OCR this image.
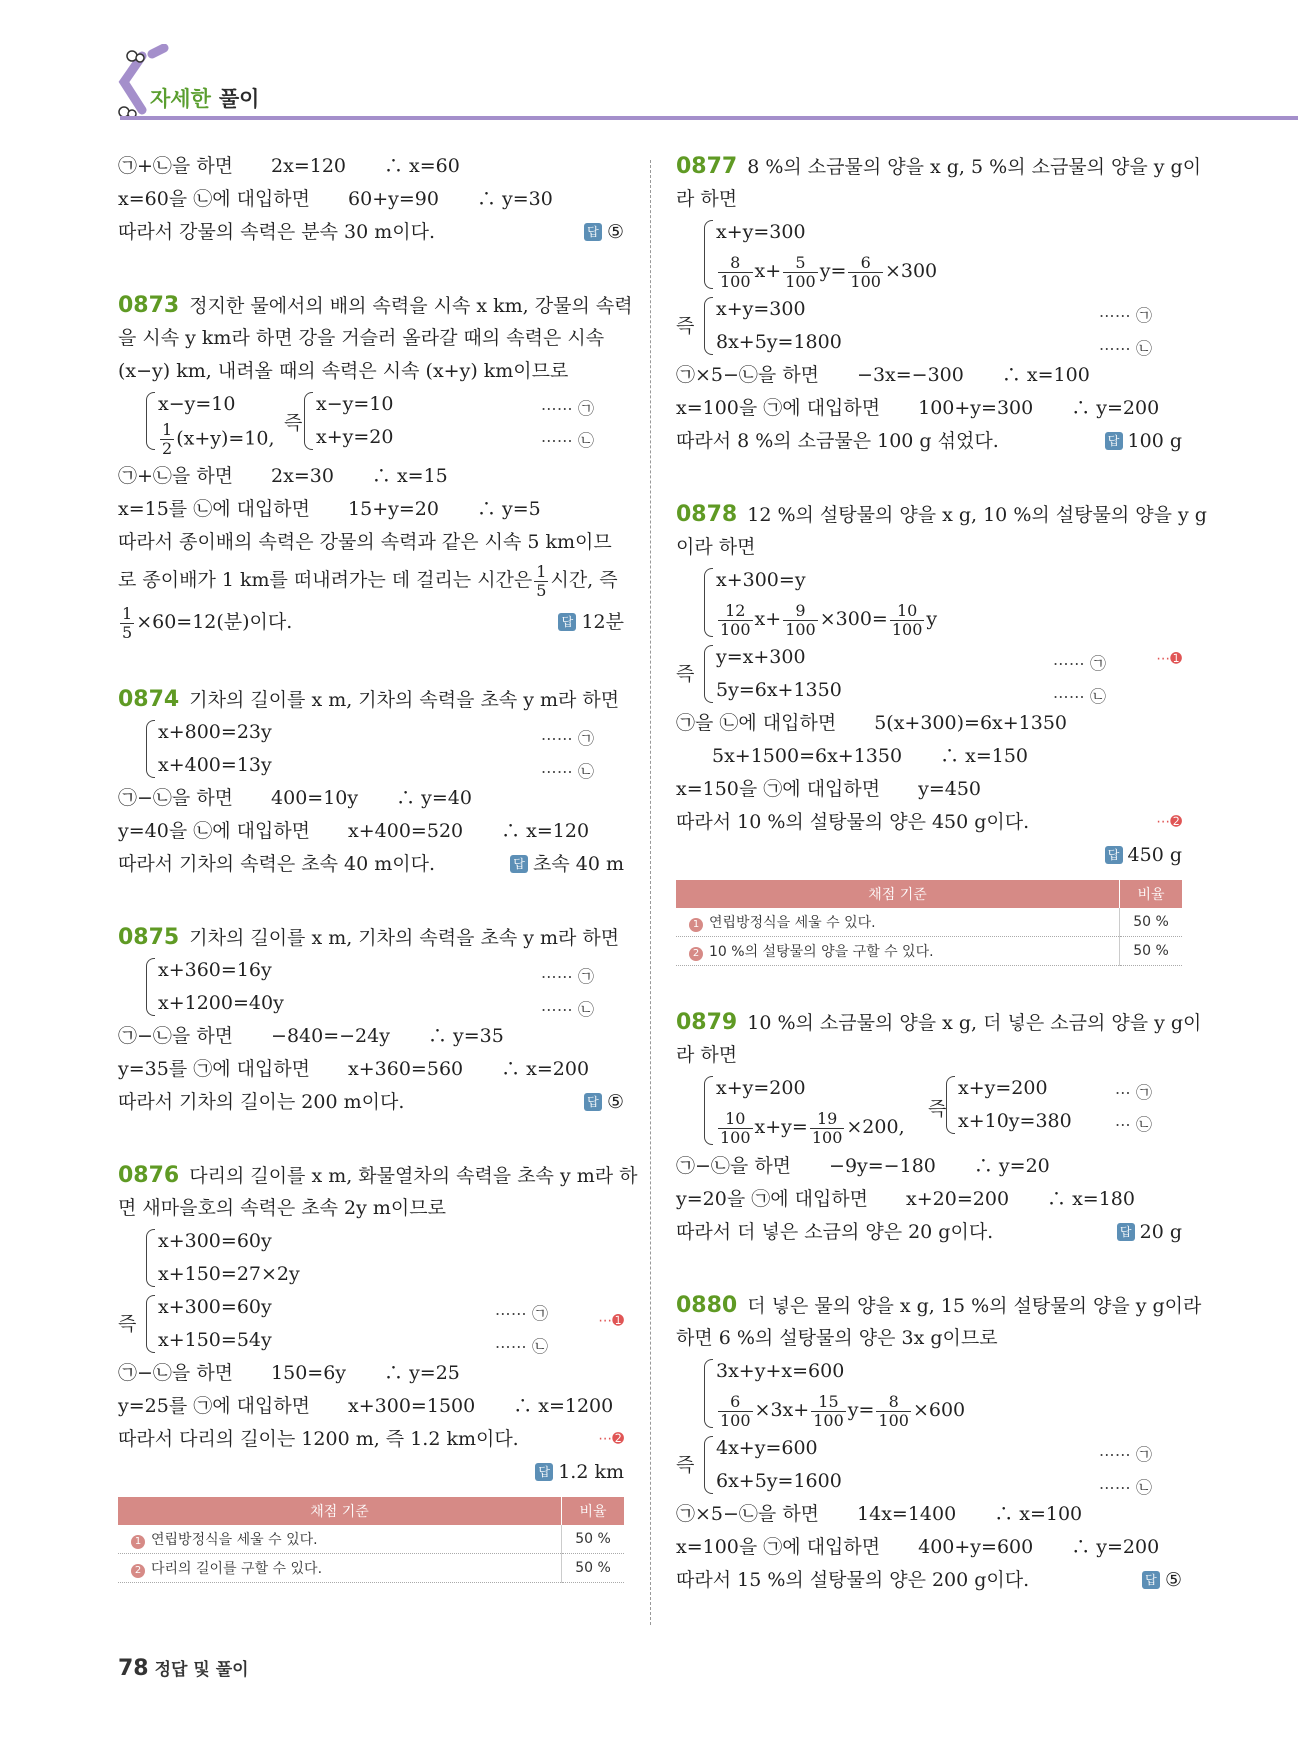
자세한 풀이
㉠+㉡을 하면　　2x=120　　∴ x=60
x=60을 ㉡에 대입하면　　60+y=90　　∴ y=30
따라서 강물의 속력은 분속 30 m이다.	답 ⑤
0873 정지한 물에서의 배의 속력을 시속 x km, 강물의 속력
을 시속 y km라 하면 강을 거슬러 올라갈 때의 속력은 시속
(x−y) km, 내려올 때의 속력은 시속 (x+y) km이므로
x−y=10
$\frac{1}{2} (x+y)=10$,
즉
x−y=10
x+y=20
⋯⋯ ㉠
⋯⋯ ㉡
㉠+㉡을 하면　　2x=30　　∴ x=15
x=15를 ㉡에 대입하면　　15+y=20　　∴ y=5
따라서 종이배의 속력은 강물의 속력과 같은 시속 5 km이므
로 종이배가 1 km를 떠내려가는 데 걸리는 시간은 $\frac{1}{5}$ 시간, 즉
$\frac{1}{5} \times 60=12$(분)이다.	답 12분
0874 기차의 길이를 x m, 기차의 속력을 초속 y m라 하면
x+800=23y	⋯⋯ ㉠
x+400=13y	⋯⋯ ㉡
㉠−㉡을 하면　　400=10y　　∴ y=40
y=40을 ㉡에 대입하면　　x+400=520　　∴ x=120
따라서 기차의 속력은 초속 40 m이다.	답 초속 40 m
0875 기차의 길이를 x m, 기차의 속력을 초속 y m라 하면
x+360=16y	⋯⋯ ㉠
x+1200=40y	⋯⋯ ㉡
㉠−㉡을 하면　　−840=−24y　　∴ y=35
y=35를 ㉠에 대입하면　　x+360=560　　∴ x=200
따라서 기차의 길이는 200 m이다.	답 ⑤
0876 다리의 길이를 x m, 화물열차의 속력을 초속 y m라 하
면 새마을호의 속력은 초속 2y m이므로
x+300=60y
x+150=27×2y
즉
x+300=60y	⋯⋯ ㉠
x+150=54y	⋯⋯ ㉡
⋯➊
㉠−㉡을 하면　　150=6y　　∴ y=25
y=25를 ㉠에 대입하면　　x+300=1500　　∴ x=1200
따라서 다리의 길이는 1200 m, 즉 1.2 km이다.	⋯➋
답 1.2 km
채점 기준	비율
1 연립방정식을 세울 수 있다.	50 %
2 다리의 길이를 구할 수 있다.	50 %
0877 8 %의 소금물의 양을 x g, 5 %의 소금물의 양을 y g이
라 하면
x+y=300
$\frac{8}{100} x+ \frac{5}{100} y= \frac{6}{100} \times 300$
즉
x+y=300	⋯⋯ ㉠
8x+5y=1800	⋯⋯ ㉡
㉠×5−㉡을 하면　　−3x=−300　　∴ x=100
x=100을 ㉠에 대입하면　　100+y=300　　∴ y=200
따라서 8 %의 소금물은 100 g 섞었다.	답 100 g
0878 12 %의 설탕물의 양을 x g, 10 %의 설탕물의 양을 y g
이라 하면
x+300=y
$\frac{12}{100} x+ \frac{9}{100} \times 300= \frac{10}{100}$ y
즉
y=x+300	⋯⋯ ㉠
5y=6x+1350	⋯⋯ ㉡
⋯➊
㉠을 ㉡에 대입하면　　5(x+300)=6x+1350
5x+1500=6x+1350　　∴ x=150
x=150을 ㉠에 대입하면　　y=450
따라서 10 %의 설탕물의 양은 450 g이다.	⋯➋
답 450 g
채점 기준	비율
1 연립방정식을 세울 수 있다.	50 %
2 10 %의 설탕물의 양을 구할 수 있다.	50 %
0879 10 %의 소금물의 양을 x g, 더 넣은 소금의 양을 y g이
라 하면
x+y=200
$\frac{10}{100} x+y= \frac{19}{100} \times 200$,
즉
x+y=200
x+10y=380
⋯ ㉠
⋯ ㉡
㉠−㉡을 하면　　−9y=−180　　∴ y=20
y=20을 ㉠에 대입하면　　x+20=200　　∴ x=180
따라서 더 넣은 소금의 양은 20 g이다.	답 20 g
0880 더 넣은 물의 양을 x g, 15 %의 설탕물의 양을 y g이라
하면 6 %의 설탕물의 양은 3x g이므로
3x+y+x=600
$\frac{6}{100} \times 3x+ \frac{15}{100} y= \frac{8}{100} \times 600$
즉
4x+y=600	⋯⋯ ㉠
6x+5y=1600	⋯⋯ ㉡
㉠×5−㉡을 하면　　14x=1400　　∴ x=100
x=100을 ㉠에 대입하면　　400+y=600　　∴ y=200
따라서 15 %의 설탕물의 양은 200 g이다.	답 ⑤
78 정답 및 풀이
